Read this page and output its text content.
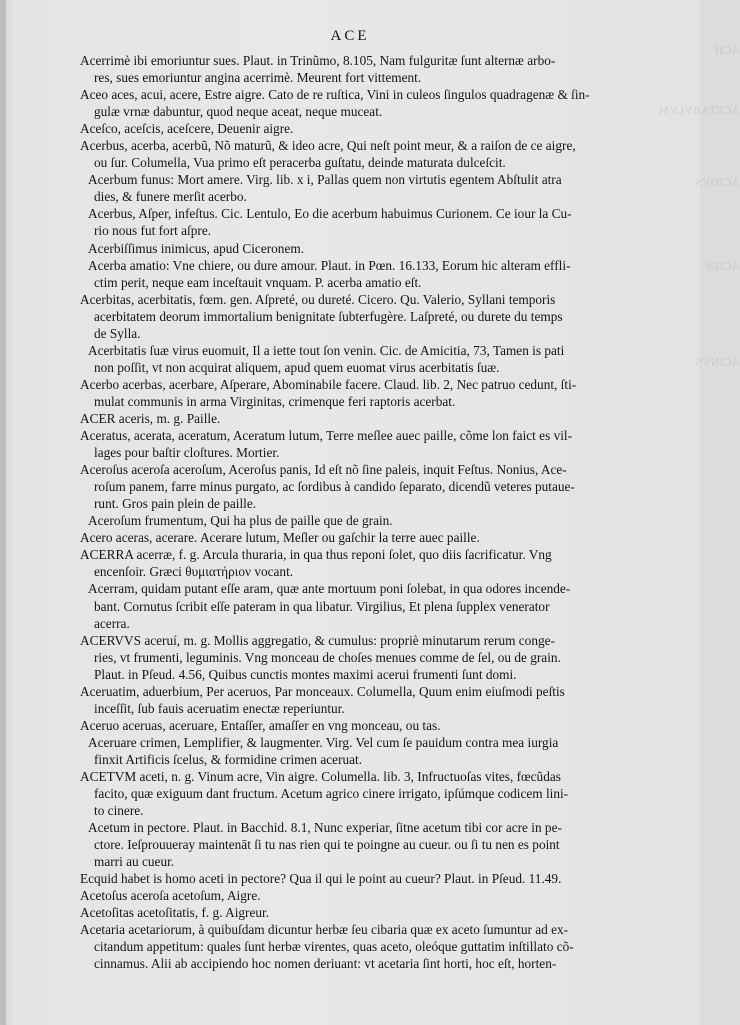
ACH
ACETABVLVM
ACIDVS
ACIES
ACINVS
ACE
Acerrimè ibi emoriuntur sues. Plaut. in Trinũmo, 8.105, Nam fulguritæ ſunt alternæ arbo-
res, sues emoriuntur angina acerrimè. Meurent fort vittement.
Aceo aces, acui, acere, Estre aigre. Cato de re ruſtica, Vini in culeos ſingulos quadragenæ & ſin-
gulæ vrnæ dabuntur, quod neque aceat, neque muceat.
Aceſco, aceſcis, aceſcere, Deuenir aigre.
Acerbus, acerba, acerbũ, Nõ maturũ, & ideo acre, Qui neſt point meur, & a raiſon de ce aigre,
ou ſur. Columella, Vua primo eſt peracerba guſtatu, deinde maturata dulceſcit.
Acerbum funus: Mort amere. Virg. lib. x i, Pallas quem non virtutis egentem Abſtulit atra
dies, & funere merſit acerbo.
Acerbus, Aſper, infeſtus. Cic. Lentulo, Eo die acerbum habuimus Curionem. Ce iour la Cu-
rio nous fut fort aſpre.
Acerbiſſimus inimicus, apud Ciceronem.
Acerba amatio: Vne chiere, ou dure amour. Plaut. in Pœn. 16.133, Eorum hic alteram effli-
ctim perit, neque eam inceſtauit vnquam. P. acerba amatio eſt.
Acerbitas, acerbitatis, fœm. gen. Aſpreté, ou dureté. Cicero. Qu. Valerio, Syllani temporis
acerbitatem deorum immortalium benignitate ſubterfugère. Laſpreté, ou durete du temps
de Sylla.
Acerbitatis ſuæ virus euomuit, Il a iette tout ſon venin. Cic. de Amicitia, 73, Tamen is pati
non poſſit, vt non acquirat aliquem, apud quem euomat virus acerbitatis ſuæ.
Acerbo acerbas, acerbare, Aſperare, Abominabile facere. Claud. lib. 2, Nec patruo cedunt, ſti-
mulat communis in arma Virginitas, crimenque feri raptoris acerbat.
ACER aceris, m. g. Paille.
Aceratus, acerata, aceratum, Aceratum lutum, Terre meſlee auec paille, cõme lon faict es vil-
lages pour baſtir cloſtures. Mortier.
Aceroſus aceroſa aceroſum, Aceroſus panis, Id eſt nõ ſine paleis, inquit Feſtus. Nonius, Ace-
roſum panem, farre minus purgato, ac ſordibus à candido ſeparato, dicendũ veteres putaue-
runt. Gros pain plein de paille.
Aceroſum frumentum, Qui ha plus de paille que de grain.
Acero aceras, acerare. Acerare lutum, Meſler ou gaſchir la terre auec paille.
ACERRA acerræ, f. g. Arcula thuraria, in qua thus reponi ſolet, quo diis ſacrificatur. Vng
encenſoir. Græci θυμιατήριον vocant.
Acerram, quidam putant eſſe aram, quæ ante mortuum poni ſolebat, in qua odores incende-
bant. Cornutus ſcribit eſſe pateram in qua libatur. Virgilius, Et plena ſupplex venerator
acerra.
ACERVVS aceruí, m. g. Mollis aggregatio, & cumulus: propriè minutarum rerum conge-
ries, vt frumenti, leguminis. Vng monceau de choſes menues comme de ſel, ou de grain.
Plaut. in Pſeud. 4.56, Quibus cunctis montes maximi acerui frumenti ſunt domi.
Aceruatim, aduerbium, Per aceruos, Par monceaux. Columella, Quum enim eiuſmodi peſtis
inceſſit, ſub fauis aceruatim enectæ reperiuntur.
Aceruo aceruas, aceruare, Entaſſer, amaſſer en vng monceau, ou tas.
Aceruare crimen, Lemplifier, & laugmenter. Virg. Vel cum ſe pauidum contra mea iurgia
finxit Artificis ſcelus, & formidine crimen aceruat.
ACETVM aceti, n. g. Vinum acre, Vin aigre. Columella. lib. 3, Infructuoſas vites, fœcũdas
facito, quæ exiguum dant fructum. Acetum agrico cinere irrigato, ipſúmque codicem lini-
to cinere.
Acetum in pectore. Plaut. in Bacchid. 8.1, Nunc experiar, ſitne acetum tibi cor acre in pe-
ctore. Ieſprouueray maintenāt ſi tu nas rien qui te poingne au cueur. ou ſi tu nen es point
marri au cueur.
Ecquid habet is homo aceti in pectore? Qua il qui le point au cueur? Plaut. in Pſeud. 11.49.
Acetoſus aceroſa acetoſum, Aigre.
Acetoſitas acetoſitatis, f. g. Aigreur.
Acetaria acetariorum, à quibuſdam dicuntur herbæ ſeu cibaria quæ ex aceto ſumuntur ad ex-
citandum appetitum: quales ſunt herbæ virentes, quas aceto, oleóque guttatim inſtillato cõ-
cinnamus. Alii ab accipiendo hoc nomen deriuant: vt acetaria ſint horti, hoc eſt, horten-
